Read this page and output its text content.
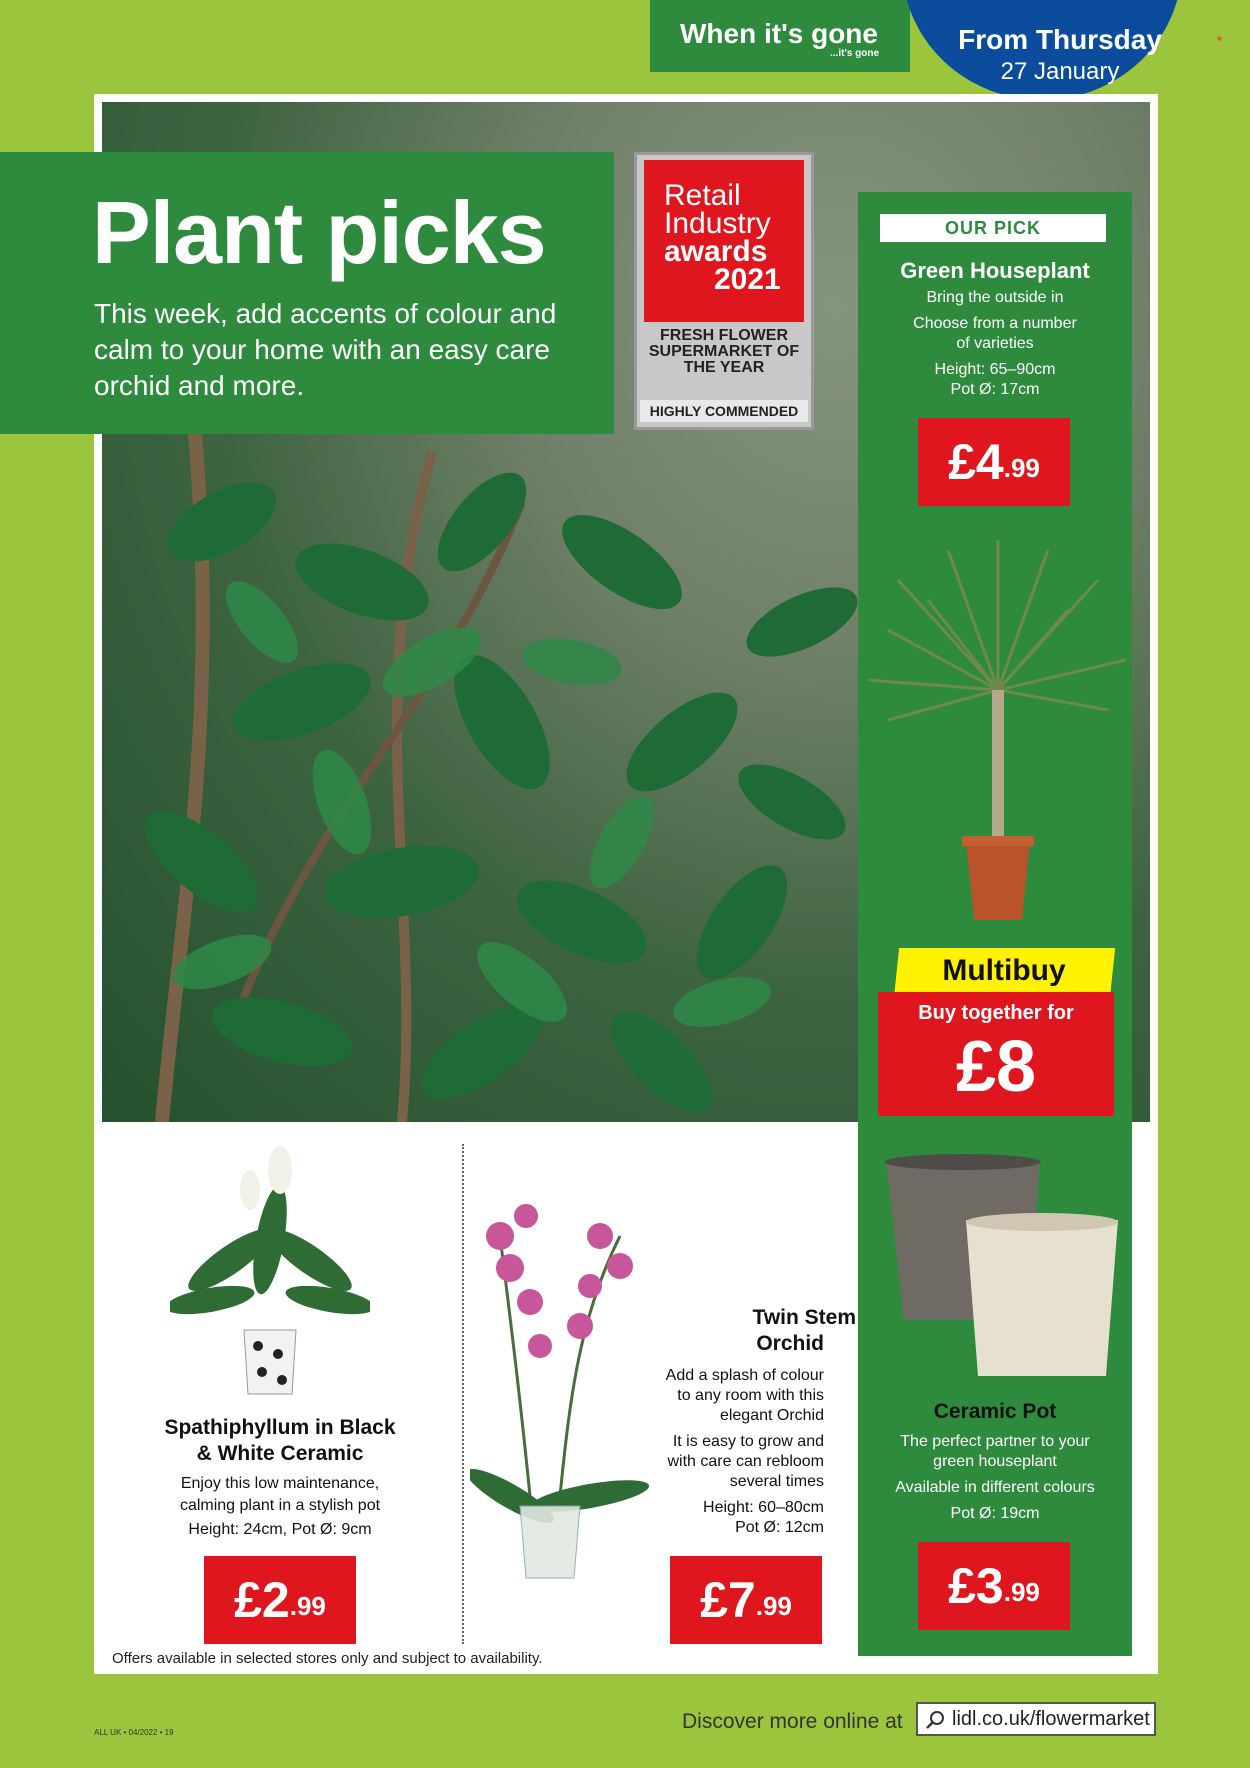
When it's gone
...it's gone	From Thursday
27 January
■
Plant picks
This week, add accents of colour and calm to your home with an easy care orchid and more.
Retail
Industry
awards
2021
FRESH FLOWER SUPERMARKET OF THE YEAR
HIGHLY COMMENDED
OUR PICK
Green Houseplant
Bring the outside in
Choose from a number
of varieties
Height: 65–90cm
Pot Ø: 17cm
£4.99
Multibuy
Buy together for
£8
Ceramic Pot
The perfect partner to your
green houseplant
Available in different colours
Pot Ø: 19cm
£3.99
Spathiphyllum in Black
& White Ceramic
Enjoy this low maintenance,
calming plant in a stylish pot
Height: 24cm, Pot Ø: 9cm
£2.99
Twin Stem
Orchid
Add a splash of colour
to any room with this
elegant Orchid
It is easy to grow and
with care can rebloom
several times
Height: 60–80cm
Pot Ø: 12cm
£7.99
Offers available in selected stores only and subject to availability.
ALL UK • 04/2022 • 19	Discover more online at lidl.co.uk/flowermarket
